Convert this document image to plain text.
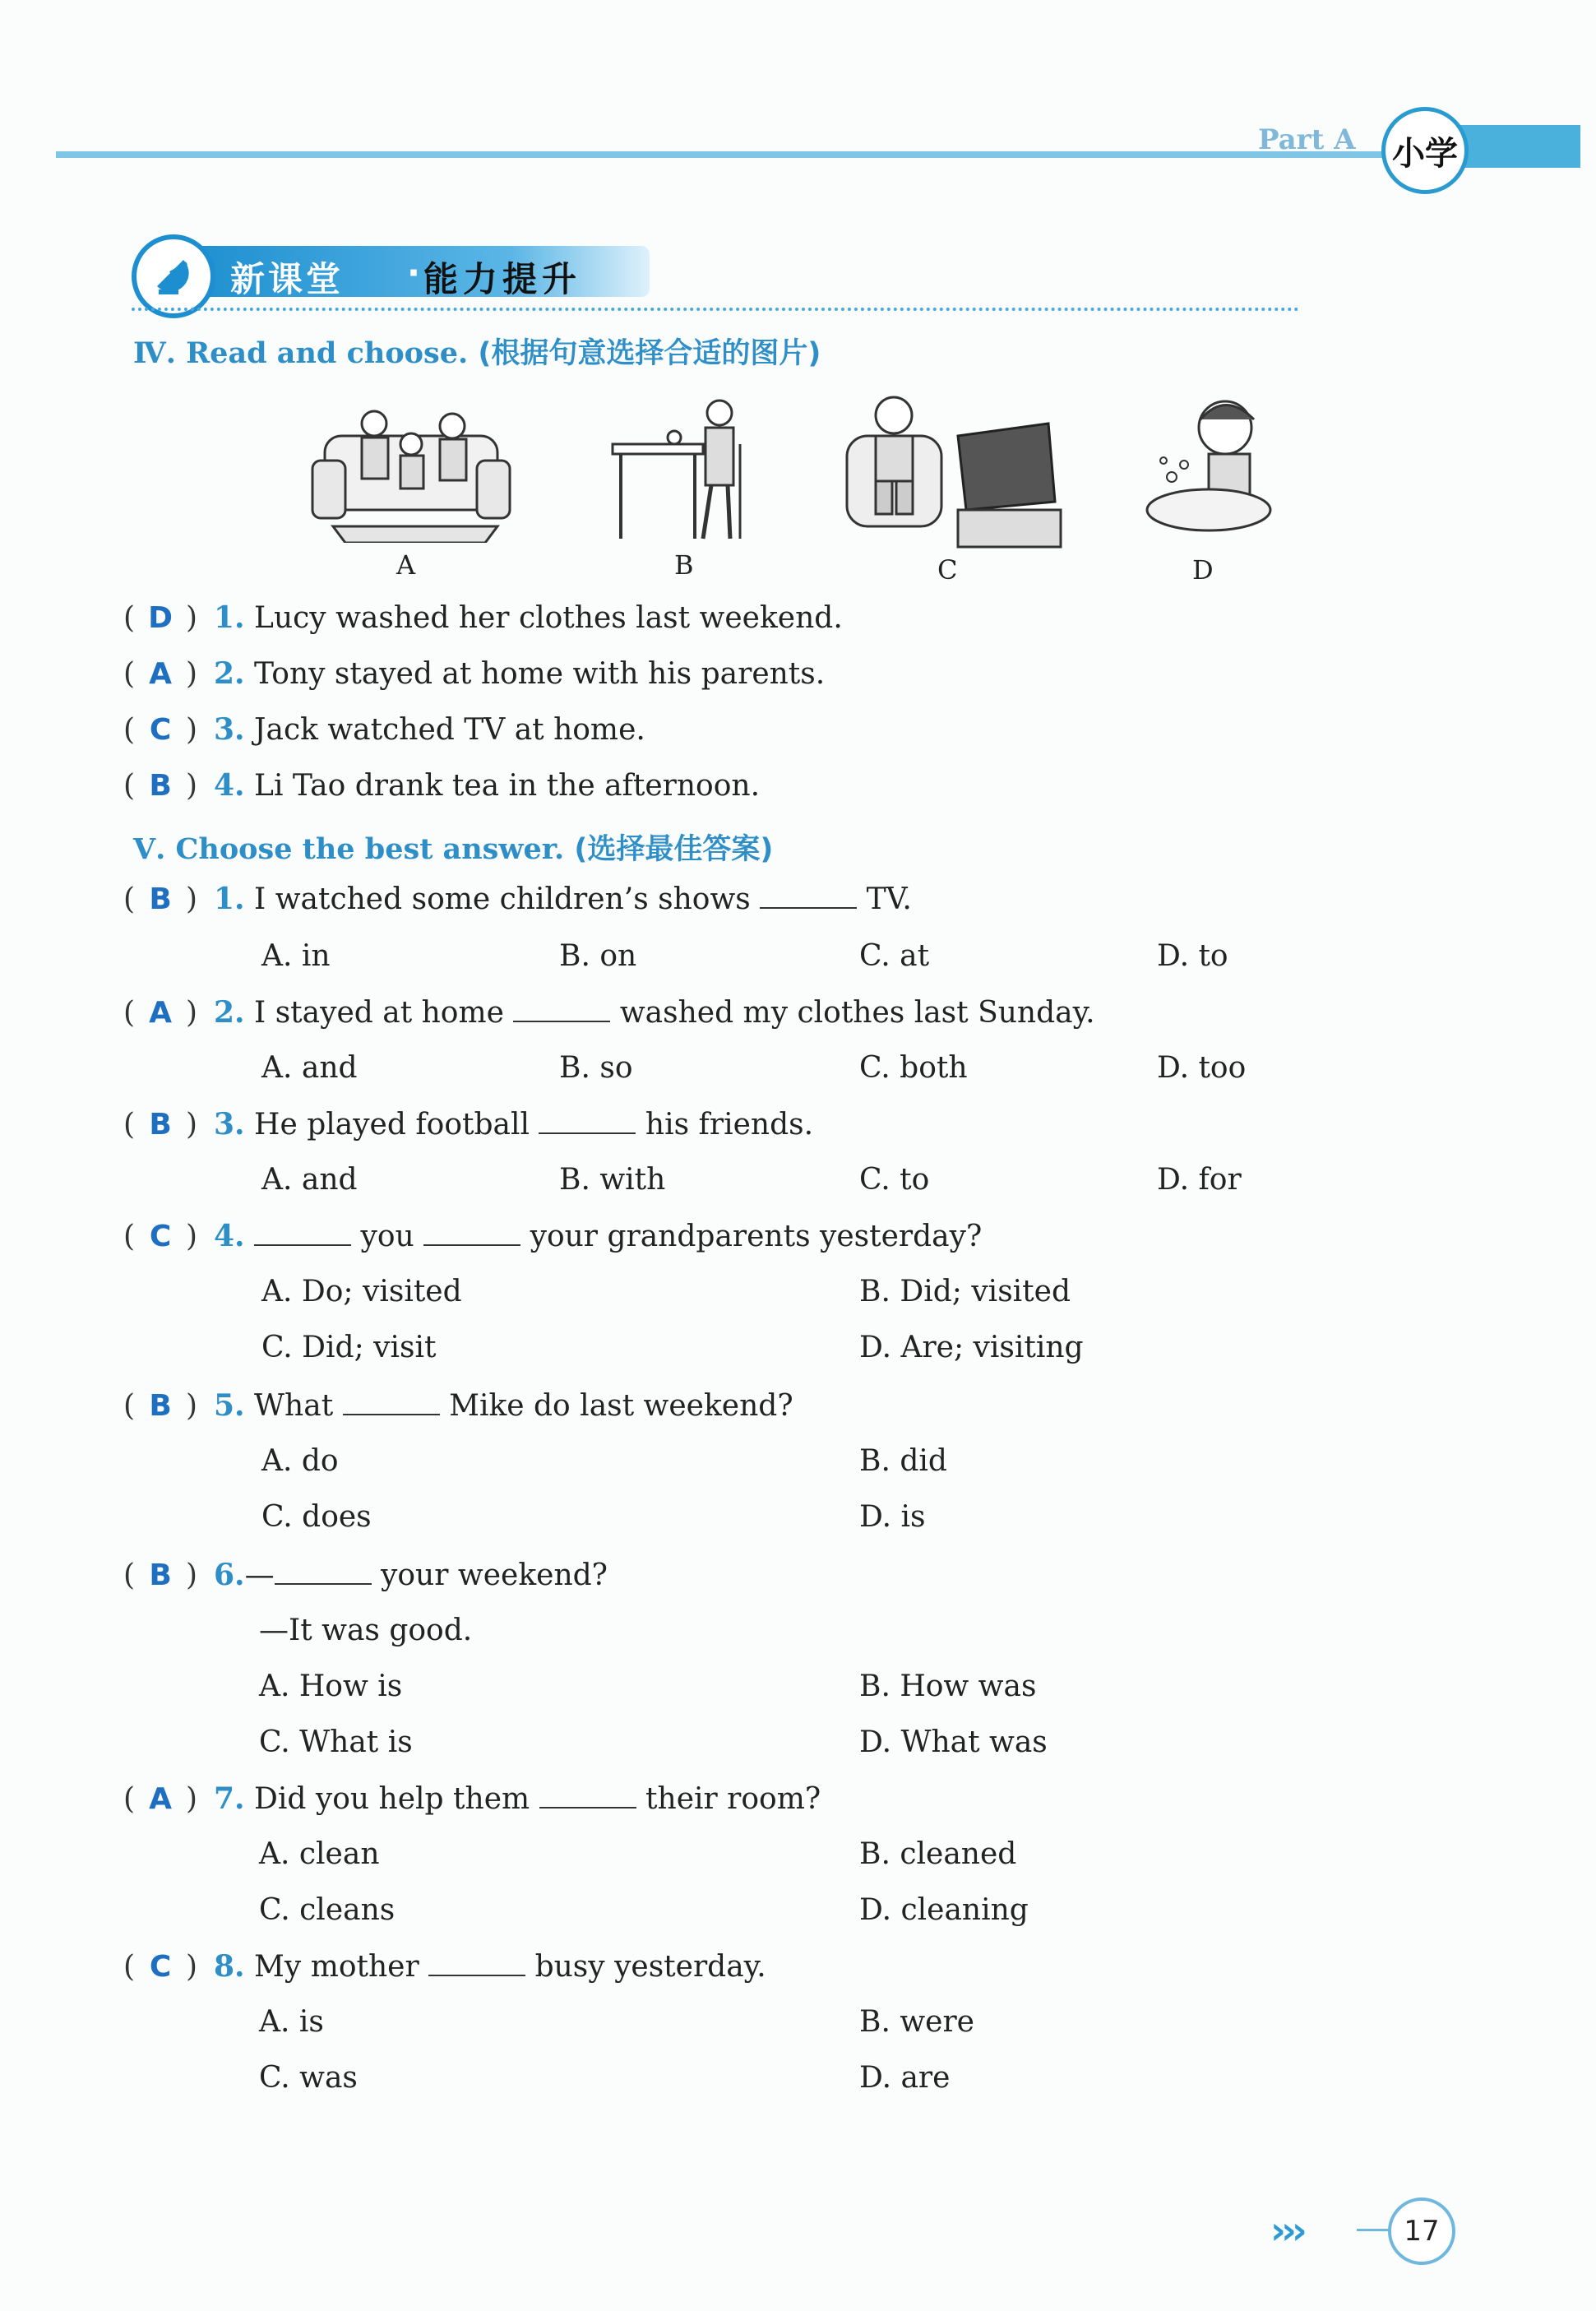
Part A	小学
新课堂 · 能力提升
Ⅳ. Read and choose. (根据句意选择合适的图片)
A	B	C	D
( D ) 1. Lucy washed her clothes last weekend.
( A ) 2. Tony stayed at home with his parents.
( C ) 3. Jack watched TV at home.
( B ) 4. Li Tao drank tea in the afternoon.
Ⅴ. Choose the best answer. (选择最佳答案)
( B ) 1. I watched some children’s shows	TV.
A. in	B. on	C. at	D. to
( A ) 2. I stayed at home	washed my clothes last Sunday.
A. and	B. so	C. both	D. too
( B ) 3. He played football	his friends.
A. and	B. with	C. to	D. for
( C ) 4.	you	your grandparents yesterday?
A. Do; visited	B. Did; visited
C. Did; visit	D. Are; visiting
( B ) 5. What	Mike do last weekend?
A. do	B. did
C. does	D. is
( B ) 6.—	your weekend?
—It was good.
A. How is	B. How was
C. What is	D. What was
( A ) 7. Did you help them	their room?
A. clean	B. cleaned
C. cleans	D. cleaning
( C ) 8. My mother	busy yesterday.
A. is	B. were
C. was	D. are
›››	17
